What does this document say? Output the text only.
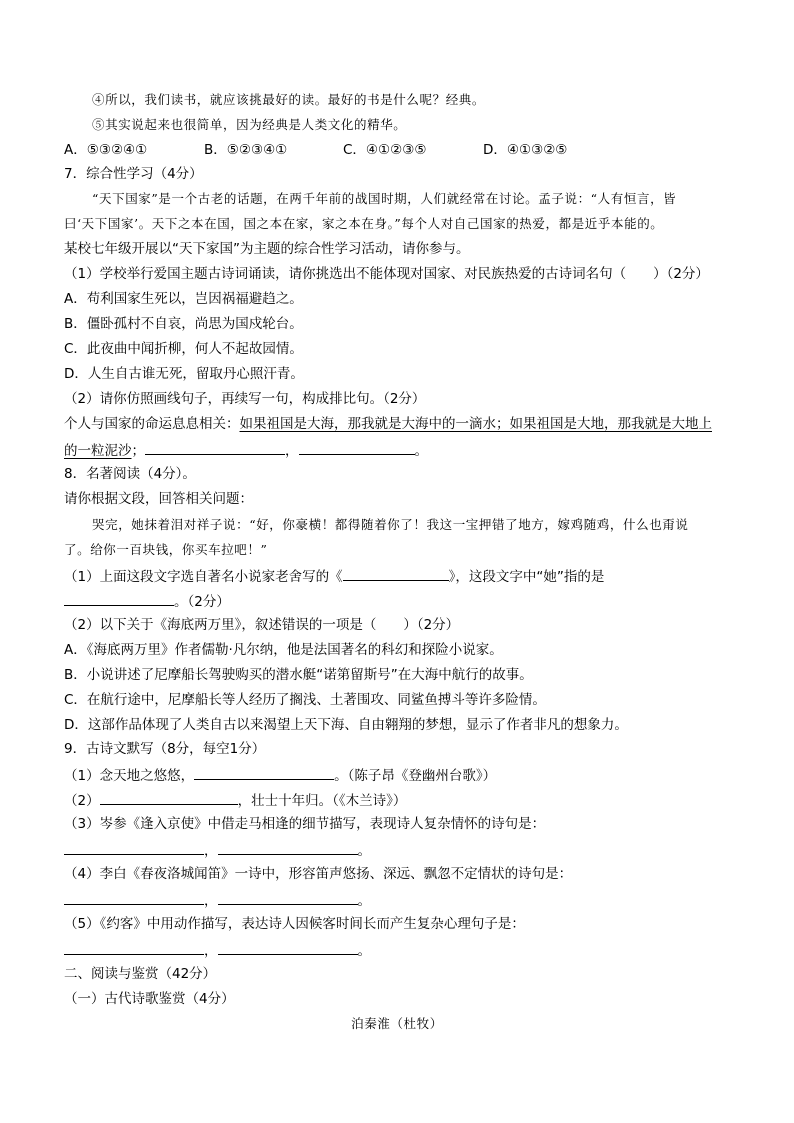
④所以，我们读书，就应该挑最好的读。最好的书是什么呢？经典。
⑤其实说起来也很简单，因为经典是人类文化的精华。
A．⑤③②④①	B．⑤②③④①	C．④①②③⑤	D．④①③②⑤
7．综合性学习（4分）
“天下国家”是一个古老的话题，在两千年前的战国时期，人们就经常在讨论。孟子说：“人有恒言，皆
曰‘天下国家’。天下之本在国，国之本在家，家之本在身。”每个人对自己国家的热爱，都是近乎本能的。
某校七年级开展以“天下家国”为主题的综合性学习活动，请你参与。
（1）学校举行爱国主题古诗词诵读，请你挑选出不能体现对国家、对民族热爱的古诗词名句（　　）（2分）
A．苟利国家生死以，岂因祸福避趋之。
B．僵卧孤村不自哀，尚思为国戍轮台。
C．此夜曲中闻折柳，何人不起故园情。
D．人生自古谁无死，留取丹心照汗青。
（2）请你仿照画线句子，再续写一句，构成排比句。（2分）
个人与国家的命运息息相关：如果祖国是大海，那我就是大海中的一滴水；如果祖国是大地，那我就是大地上
的一粒泥沙；	，	。
8．名著阅读（4分）。
请你根据文段，回答相关问题：
哭完，她抹着泪对祥子说：“好，你豪横！都得随着你了！我这一宝押错了地方，嫁鸡随鸡，什么也甭说
了。给你一百块钱，你买车拉吧！”
（1）上面这段文字选自著名小说家老舍写的《	》，这段文字中“她”指的是
。（2分）
（2）以下关于《海底两万里》，叙述错误的一项是（　　）（2分）
A．《海底两万里》作者儒勒·凡尔纳，他是法国著名的科幻和探险小说家。
B．小说讲述了尼摩船长驾驶购买的潜水艇“诺第留斯号”在大海中航行的故事。
C．在航行途中，尼摩船长等人经历了搁浅、土著围攻、同鲨鱼搏斗等许多险情。
D．这部作品体现了人类自古以来渴望上天下海、自由翱翔的梦想，显示了作者非凡的想象力。
9．古诗文默写（8分，每空1分）
（1）念天地之悠悠，	。（陈子昂《登幽州台歌》）
（2）	，壮士十年归。（《木兰诗》）
（3）岑参《逢入京使》中借走马相逢的细节描写，表现诗人复杂情怀的诗句是：
，	。
（4）李白《春夜洛城闻笛》一诗中，形容笛声悠扬、深远、飘忽不定情状的诗句是：
，	。
（5）《约客》中用动作描写，表达诗人因候客时间长而产生复杂心理句子是：
，	。
二、阅读与鉴赏（42分）
（一）古代诗歌鉴赏（4分）
泊秦淮（杜牧）
